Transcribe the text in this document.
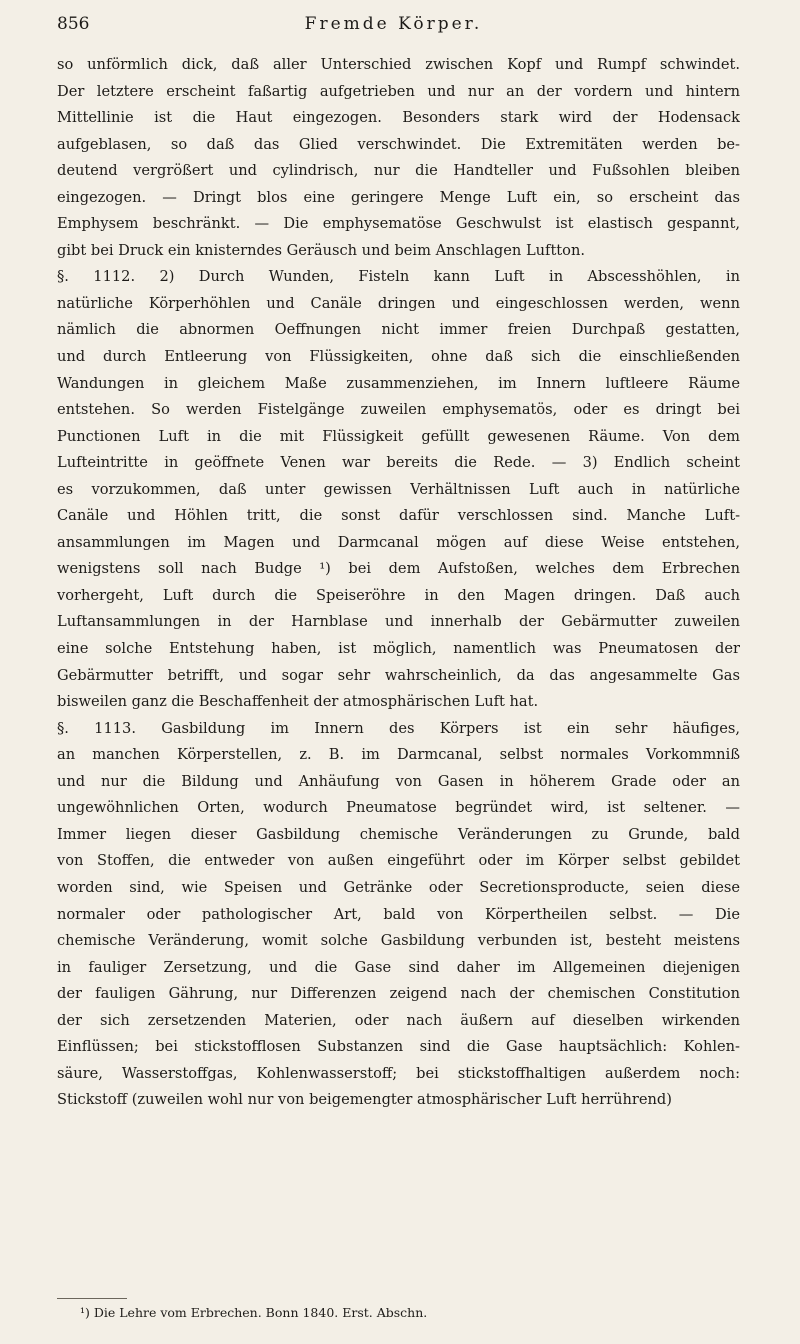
856	Fremde Körper.
so unförmlich dick, daß aller Unterschied zwischen Kopf und Rumpf schwindet.
Der letztere erscheint faßartig aufgetrieben und nur an der vordern und hintern
Mittellinie ist die Haut eingezogen. Besonders stark wird der Hodensack
aufgeblasen, so daß das Glied verschwindet. Die Extremitäten werden be-
deutend vergrößert und cylindrisch, nur die Handteller und Fußsohlen bleiben
eingezogen. — Dringt blos eine geringere Menge Luft ein, so erscheint das
Emphysem beschränkt. — Die emphysematöse Geschwulst ist elastisch gespannt,
gibt bei Druck ein knisterndes Geräusch und beim Anschlagen Luftton.
§. 1112. 2) Durch Wunden, Fisteln kann Luft in Abscesshöhlen, in
natürliche Körperhöhlen und Canäle dringen und eingeschlossen werden, wenn
nämlich die abnormen Oeffnungen nicht immer freien Durchpaß gestatten,
und durch Entleerung von Flüssigkeiten, ohne daß sich die einschließenden
Wandungen in gleichem Maße zusammenziehen, im Innern luftleere Räume
entstehen. So werden Fistelgänge zuweilen emphysematös, oder es dringt bei
Punctionen Luft in die mit Flüssigkeit gefüllt gewesenen Räume. Von dem
Lufteintritte in geöffnete Venen war bereits die Rede. — 3) Endlich scheint
es vorzukommen, daß unter gewissen Verhältnissen Luft auch in natürliche
Canäle und Höhlen tritt, die sonst dafür verschlossen sind. Manche Luft-
ansammlungen im Magen und Darmcanal mögen auf diese Weise entstehen,
wenigstens soll nach Budge ¹) bei dem Aufstoßen, welches dem Erbrechen
vorhergeht, Luft durch die Speiseröhre in den Magen dringen. Daß auch
Luftansammlungen in der Harnblase und innerhalb der Gebärmutter zuweilen
eine solche Entstehung haben, ist möglich, namentlich was Pneumatosen der
Gebärmutter betrifft, und sogar sehr wahrscheinlich, da das angesammelte Gas
bisweilen ganz die Beschaffenheit der atmosphärischen Luft hat.
§. 1113. Gasbildung im Innern des Körpers ist ein sehr häufiges,
an manchen Körperstellen, z. B. im Darmcanal, selbst normales Vorkommniß
und nur die Bildung und Anhäufung von Gasen in höherem Grade oder an
ungewöhnlichen Orten, wodurch Pneumatose begründet wird, ist seltener. —
Immer liegen dieser Gasbildung chemische Veränderungen zu Grunde, bald
von Stoffen, die entweder von außen eingeführt oder im Körper selbst gebildet
worden sind, wie Speisen und Getränke oder Secretionsproducte, seien diese
normaler oder pathologischer Art, bald von Körpertheilen selbst. — Die
chemische Veränderung, womit solche Gasbildung verbunden ist, besteht meistens
in fauliger Zersetzung, und die Gase sind daher im Allgemeinen diejenigen
der fauligen Gährung, nur Differenzen zeigend nach der chemischen Constitution
der sich zersetzenden Materien, oder nach äußern auf dieselben wirkenden
Einflüssen; bei stickstofflosen Substanzen sind die Gase hauptsächlich: Kohlen-
säure, Wasserstoffgas, Kohlenwasserstoff; bei stickstoffhaltigen außerdem noch:
Stickstoff (zuweilen wohl nur von beigemengter atmosphärischer Luft herrührend)
¹) Die Lehre vom Erbrechen. Bonn 1840. Erst. Abschn.
